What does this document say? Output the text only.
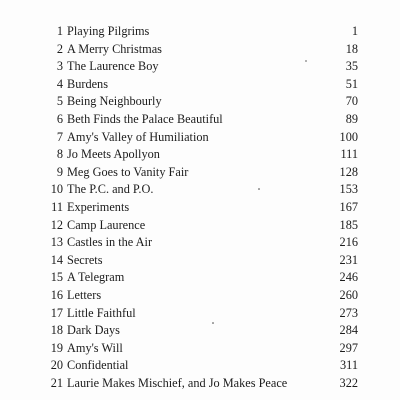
1 Playing Pilgrims	1
2 A Merry Christmas	18
3 The Laurence Boy	35
4 Burdens	51
5 Being Neighbourly	70
6 Beth Finds the Palace Beautiful	89
7 Amy's Valley of Humiliation	100
8 Jo Meets Apollyon	111
9 Meg Goes to Vanity Fair	128
10 The P.C. and P.O.	153
11 Experiments	167
12 Camp Laurence	185
13 Castles in the Air	216
14 Secrets	231
15 A Telegram	246
16 Letters	260
17 Little Faithful	273
18 Dark Days	284
19 Amy's Will	297
20 Confidential	311
21 Laurie Makes Mischief, and Jo Makes Peace	322
